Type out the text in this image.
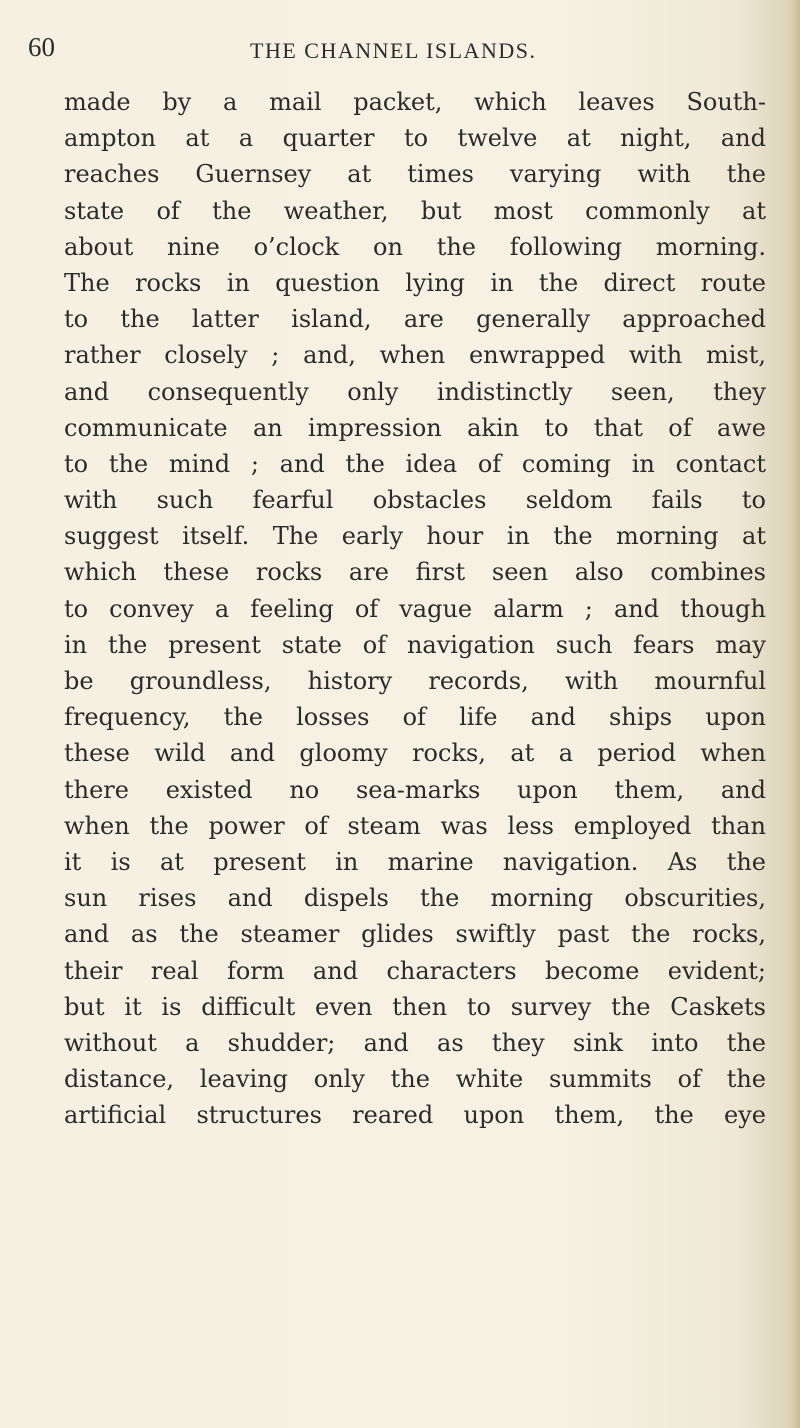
60	THE CHANNEL ISLANDS.
made by a mail packet, which leaves South-
ampton at a quarter to twelve at night, and
reaches Guernsey at times varying with the
state of the weather, but most commonly at
about nine o’clock on the following morning.
The rocks in question lying in the direct route
to the latter island, are generally approached
rather closely ; and, when enwrapped with mist,
and consequently only indistinctly seen, they
communicate an impression akin to that of awe
to the mind ; and the idea of coming in contact
with such fearful obstacles seldom fails to
suggest itself. The early hour in the morning at
which these rocks are first seen also combines
to convey a feeling of vague alarm ; and though
in the present state of navigation such fears may
be groundless, history records, with mournful
frequency, the losses of life and ships upon
these wild and gloomy rocks, at a period when
there existed no sea-marks upon them, and
when the power of steam was less employed than
it is at present in marine navigation. As the
sun rises and dispels the morning obscurities,
and as the steamer glides swiftly past the rocks,
their real form and characters become evident;
but it is difficult even then to survey the Caskets
without a shudder; and as they sink into the
distance, leaving only the white summits of the
artificial structures reared upon them, the eye
